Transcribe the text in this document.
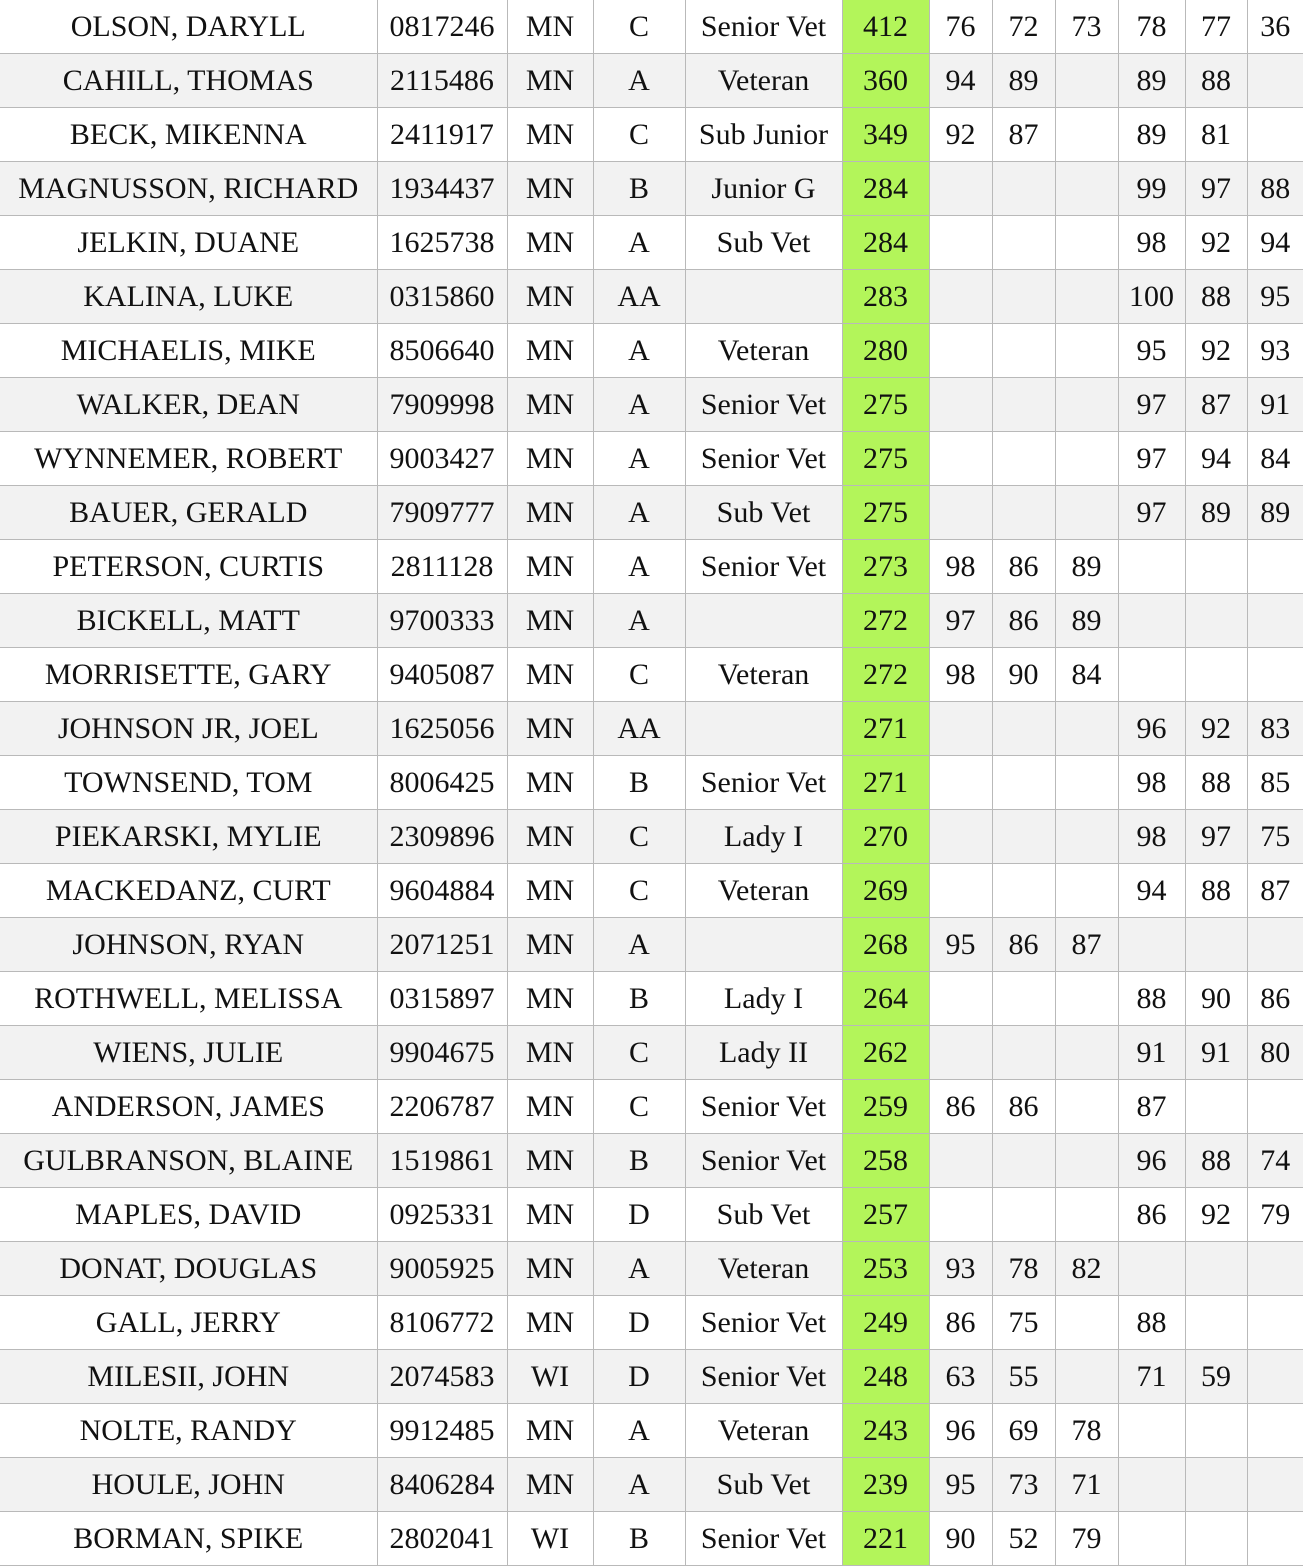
OLSON, DARYLL	0817246	MN	C	Senior Vet	412	76	72	73	78	77	36
CAHILL, THOMAS	2115486	MN	A	Veteran	360	94	89		89	88	
BECK, MIKENNA	2411917	MN	C	Sub Junior	349	92	87		89	81	
MAGNUSSON, RICHARD	1934437	MN	B	Junior G	284				99	97	88
JELKIN, DUANE	1625738	MN	A	Sub Vet	284				98	92	94
KALINA, LUKE	0315860	MN	AA		283				100	88	95
MICHAELIS, MIKE	8506640	MN	A	Veteran	280				95	92	93
WALKER, DEAN	7909998	MN	A	Senior Vet	275				97	87	91
WYNNEMER, ROBERT	9003427	MN	A	Senior Vet	275				97	94	84
BAUER, GERALD	7909777	MN	A	Sub Vet	275				97	89	89
PETERSON, CURTIS	2811128	MN	A	Senior Vet	273	98	86	89			
BICKELL, MATT	9700333	MN	A		272	97	86	89			
MORRISETTE, GARY	9405087	MN	C	Veteran	272	98	90	84			
JOHNSON JR, JOEL	1625056	MN	AA		271				96	92	83
TOWNSEND, TOM	8006425	MN	B	Senior Vet	271				98	88	85
PIEKARSKI, MYLIE	2309896	MN	C	Lady I	270				98	97	75
MACKEDANZ, CURT	9604884	MN	C	Veteran	269				94	88	87
JOHNSON, RYAN	2071251	MN	A		268	95	86	87			
ROTHWELL, MELISSA	0315897	MN	B	Lady I	264				88	90	86
WIENS, JULIE	9904675	MN	C	Lady II	262				91	91	80
ANDERSON, JAMES	2206787	MN	C	Senior Vet	259	86	86		87		
GULBRANSON, BLAINE	1519861	MN	B	Senior Vet	258				96	88	74
MAPLES, DAVID	0925331	MN	D	Sub Vet	257				86	92	79
DONAT, DOUGLAS	9005925	MN	A	Veteran	253	93	78	82			
GALL, JERRY	8106772	MN	D	Senior Vet	249	86	75		88		
MILESII, JOHN	2074583	WI	D	Senior Vet	248	63	55		71	59	
NOLTE, RANDY	9912485	MN	A	Veteran	243	96	69	78			
HOULE, JOHN	8406284	MN	A	Sub Vet	239	95	73	71			
BORMAN, SPIKE	2802041	WI	B	Senior Vet	221	90	52	79			
